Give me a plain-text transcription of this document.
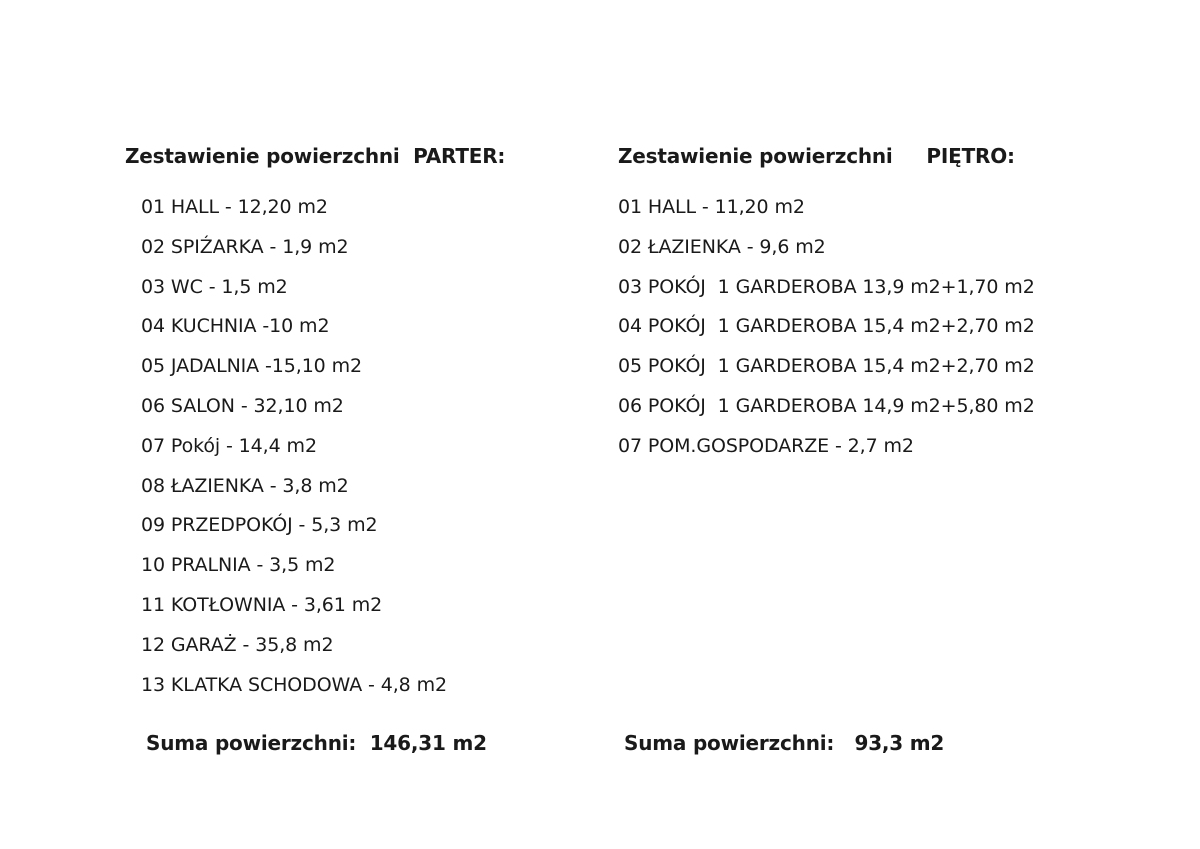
Zestawienie powierzchni  PARTER:
01 HALL - 12,20 m2
02 SPIŹARKA - 1,9 m2
03 WC - 1,5 m2
04 KUCHNIA -10 m2
05 JADALNIA -15,10 m2
06 SALON - 32,10 m2
07 Pokój - 14,4 m2
08 ŁAZIENKA - 3,8 m2
09 PRZEDPOKÓJ - 5,3 m2
10 PRALNIA - 3,5 m2
11 KOTŁOWNIA - 3,61 m2
12 GARAŻ - 35,8 m2
13 KLATKA SCHODOWA - 4,8 m2
Zestawienie powierzchni     PIĘTRO:
01 HALL - 11,20 m2
02 ŁAZIENKA - 9,6 m2
03 POKÓJ  1 GARDEROBA 13,9 m2+1,70 m2
04 POKÓJ  1 GARDEROBA 15,4 m2+2,70 m2
05 POKÓJ  1 GARDEROBA 15,4 m2+2,70 m2
06 POKÓJ  1 GARDEROBA 14,9 m2+5,80 m2
07 POM.GOSPODARZE - 2,7 m2

Suma powierzchni:  146,31 m2	Suma powierzchni:   93,3 m2
